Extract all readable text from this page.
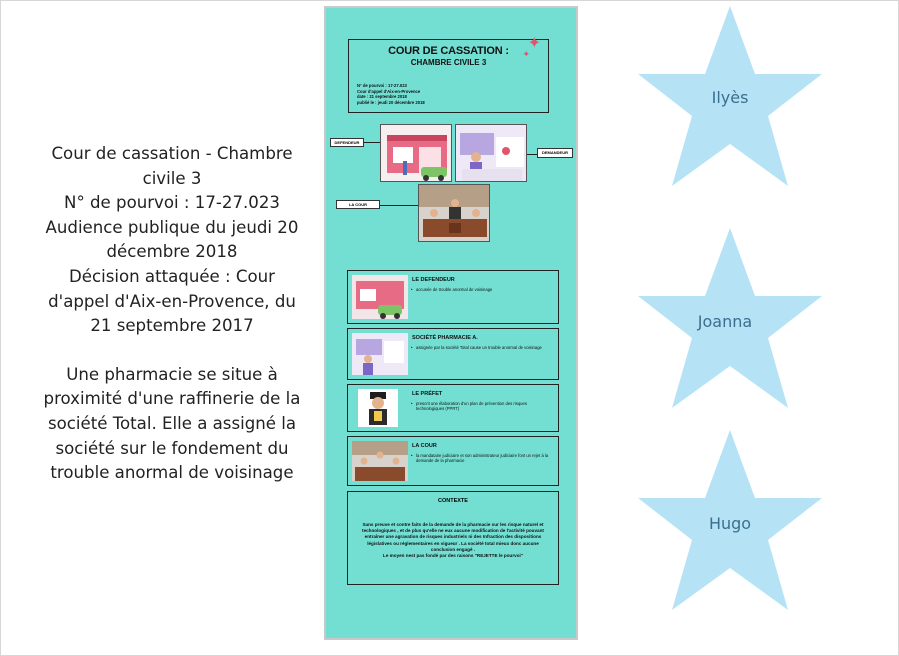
Cour de cassation - Chambre
civile 3
N° de pourvoi : 17-27.023
Audience publique du jeudi 20
décembre 2018
Décision attaquée : Cour
d'appel d'Aix-en-Provence, du
21 septembre 2017

Une pharmacie se situe à
proximité d'une raffinerie de la
société Total. Elle a assigné la
société sur le fondement du
trouble anormal de voisinage

COUR DE CASSATION :
CHAMBRE CIVILE 3
✦
✦
N° de pourvoi : 17-27.023
Cour d'appel d'Aix-en-Provence
date : 21 septembre 2018
publié le : jeudi 20 décembre 2018
DEFENDEUR
DEMANDEUR
LA COUR
LE DEFENDEUR
• accusée de trouble anormal de voisinage
SOCIÉTÉ PHARMACIE A.
• assignée par la société Total cause un trouble anormal de voisinage
LE PRÉFET
• prescrit une élaboration d'un plan de prévention des risques technologiques (PPRT)
LA COUR
• la mandataire judiciaire et son administrateur judiciaire font un rejet à la demande de la pharmacie
CONTEXTE
Sans preuve et contre faits de la demande de la pharmacie sur les risque naturel et technologiques , et de plus qu'elle ne eux aucune modification de l'activité pouvant entraîner une agravation de risques industriels ni des Infraction des dispositions législatives ou réglementaires en vigueur . La société total mieux donc aucune conclusion engagé .
Le moyen nest pas fondé par des raisons "REJETTE le pourvoi"
Ilyès
Joanna
Hugo
